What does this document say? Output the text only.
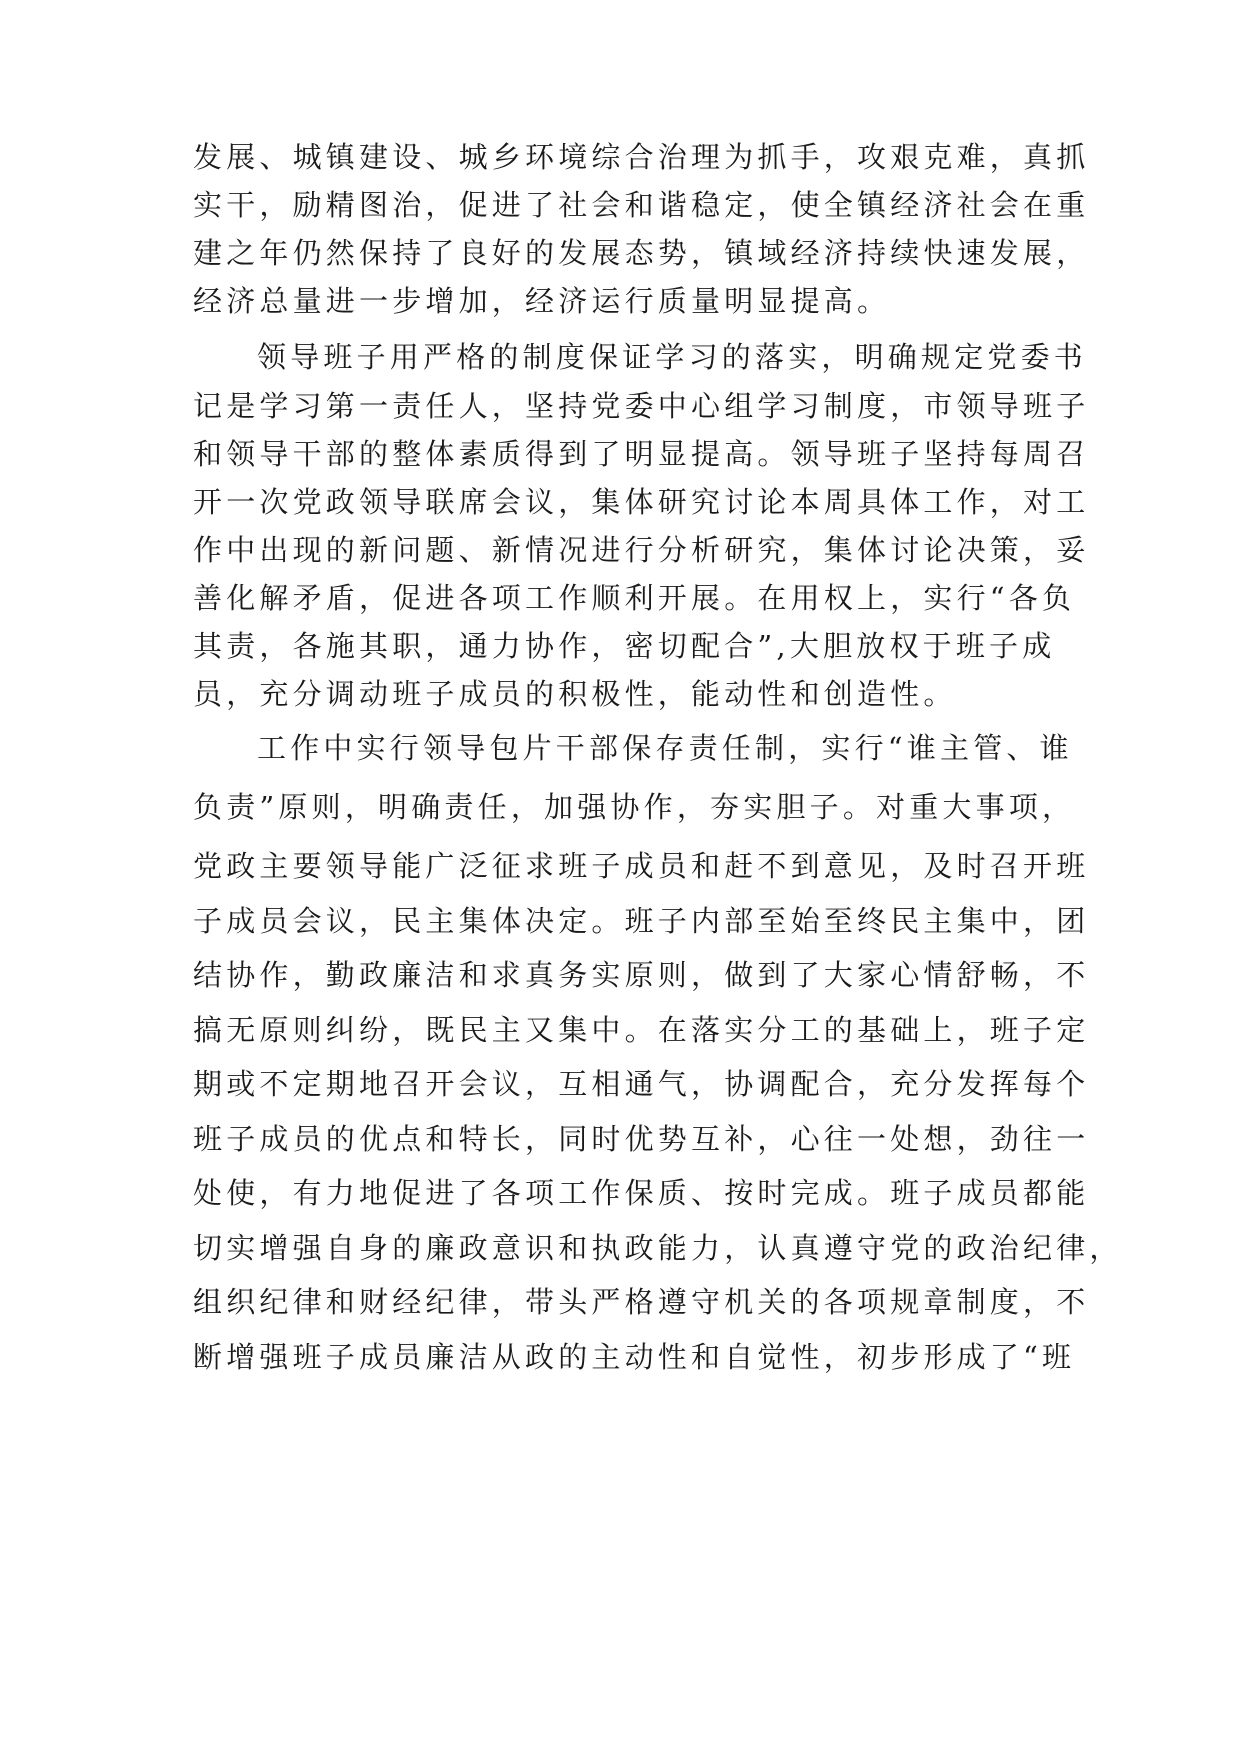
发展、城镇建设、城乡环境综合治理为抓手，攻艰克难，真抓
实干，励精图治，促进了社会和谐稳定，使全镇经济社会在重
建之年仍然保持了良好的发展态势，镇域经济持续快速发展，
经济总量进一步增加，经济运行质量明显提高。
领导班子用严格的制度保证学习的落实，明确规定党委书
记是学习第一责任人，坚持党委中心组学习制度，市领导班子
和领导干部的整体素质得到了明显提高。领导班子坚持每周召
开一次党政领导联席会议，集体研究讨论本周具体工作，对工
作中出现的新问题、新情况进行分析研究，集体讨论决策，妥
善化解矛盾，促进各项工作顺利开展。在用权上，实行“各负
其责，各施其职，通力协作，密切配合”,大胆放权于班子成
员，充分调动班子成员的积极性，能动性和创造性。
工作中实行领导包片干部保存责任制，实行“谁主管、谁
负责”原则，明确责任，加强协作，夯实胆子。对重大事项，
党政主要领导能广泛征求班子成员和赶不到意见，及时召开班
子成员会议，民主集体决定。班子内部至始至终民主集中，团
结协作，勤政廉洁和求真务实原则，做到了大家心情舒畅，不
搞无原则纠纷，既民主又集中。在落实分工的基础上，班子定
期或不定期地召开会议，互相通气，协调配合，充分发挥每个
班子成员的优点和特长，同时优势互补，心往一处想，劲往一
处使，有力地促进了各项工作保质、按时完成。班子成员都能
切实增强自身的廉政意识和执政能力，认真遵守党的政治纪律，
组织纪律和财经纪律，带头严格遵守机关的各项规章制度，不
断增强班子成员廉洁从政的主动性和自觉性，初步形成了“班
